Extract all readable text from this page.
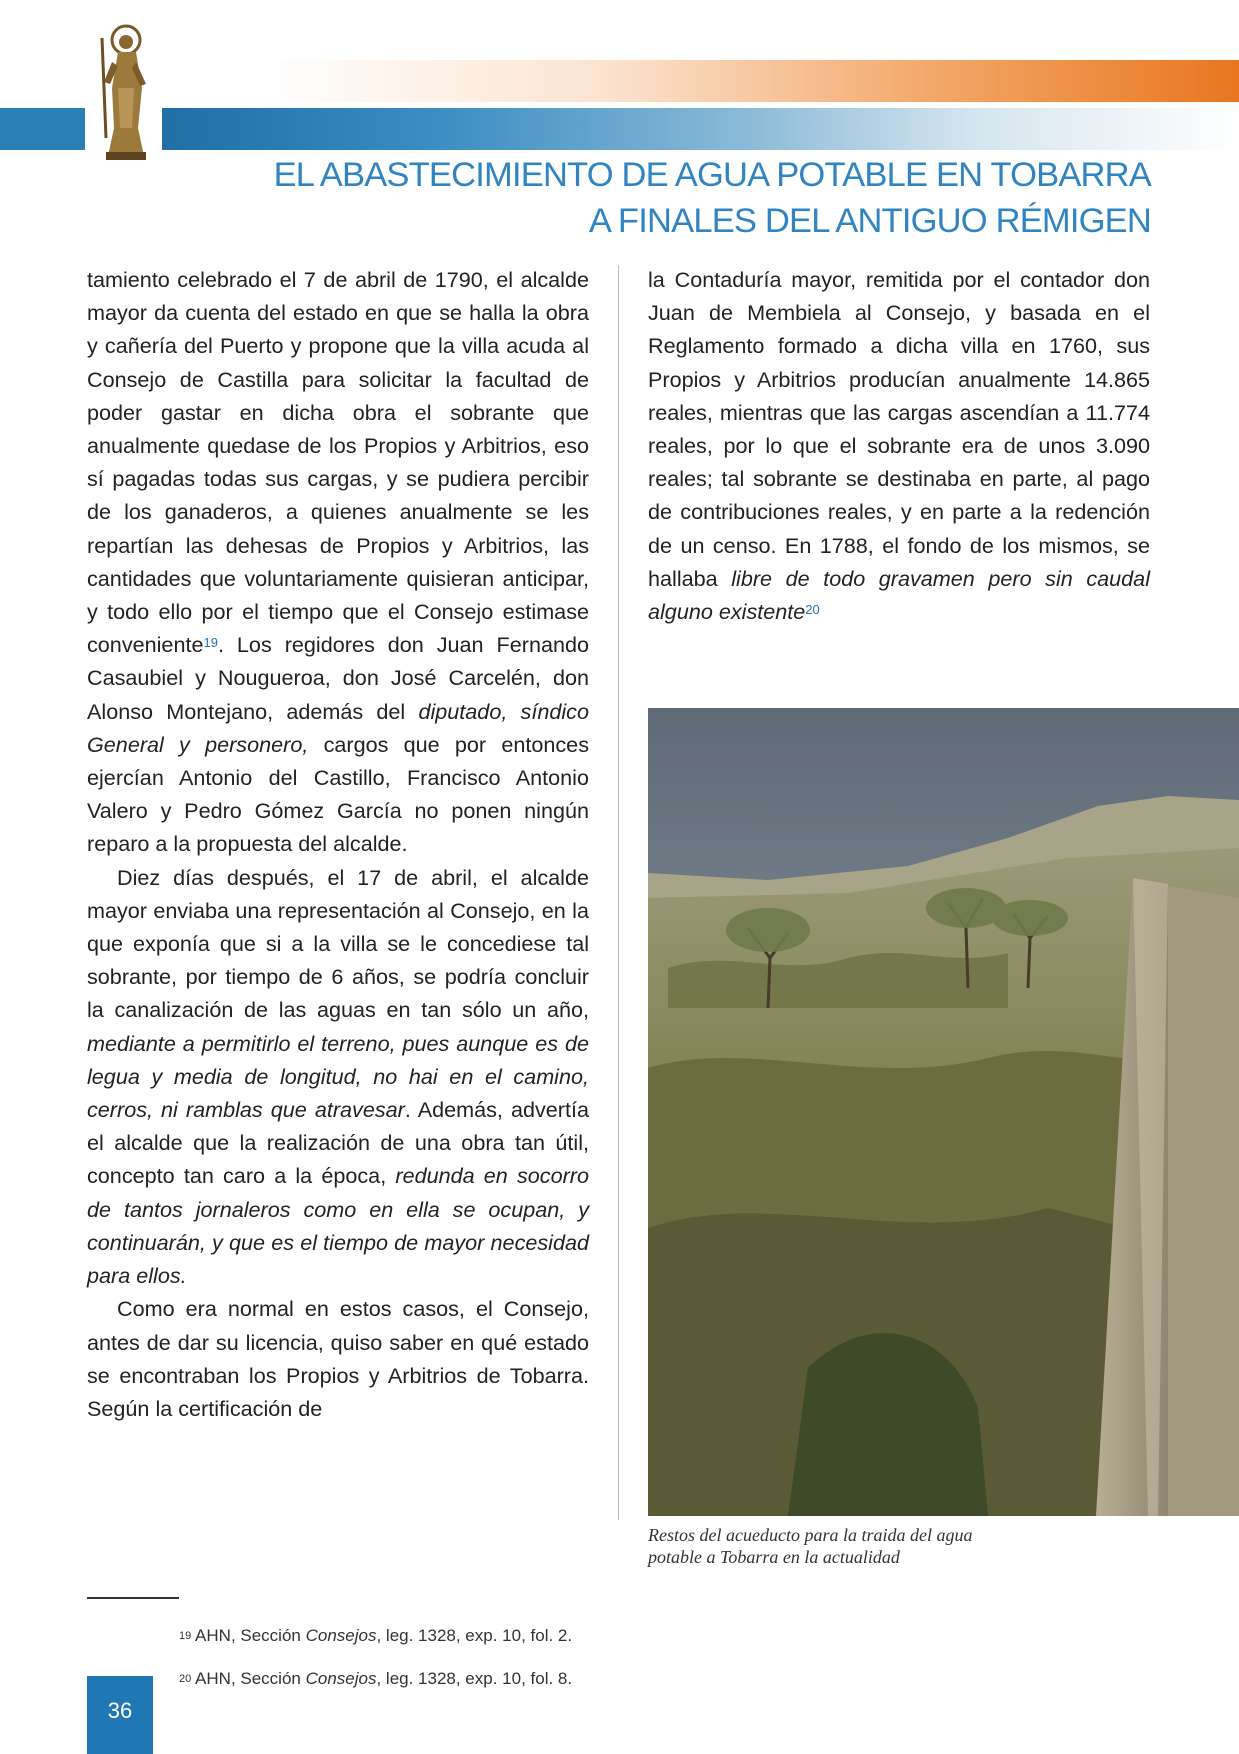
EL ABASTECIMIENTO DE AGUA POTABLE EN TOBARRA
A FINALES DEL ANTIGUO RÉMIGEN

tamiento celebrado el 7 de abril de 1790, el alcalde mayor da cuenta del estado en que se halla la obra y cañería del Puerto y propone que la villa acuda al Consejo de Castilla para solicitar la facultad de poder gastar en dicha obra el sobrante que anualmente quedase de los Propios y Arbitrios, eso sí pagadas todas sus cargas, y se pudiera percibir de los ganaderos, a quienes anualmente se les repartían las dehesas de Propios y Arbitrios, las cantidades que voluntariamente quisieran anticipar, y todo ello por el tiempo que el Consejo estimase conveniente$^{19}$. Los regidores don Juan Fernando Casaubiel y Nougueroa, don José Carcelén, don Alonso Montejano, además del diputado, síndico General y personero, cargos que por entonces ejercían Antonio del Castillo, Francisco Antonio Valero y Pedro Gómez García no ponen ningún reparo a la propuesta del alcalde.

Diez días después, el 17 de abril, el alcalde mayor enviaba una representación al Consejo, en la que exponía que si a la villa se le concediese tal sobrante, por tiempo de 6 años, se podría concluir la canalización de las aguas en tan sólo un año, mediante a permitirlo el terreno, pues aunque es de legua y media de longitud, no hai en el camino, cerros, ni ramblas que atravesar. Además, advertía el alcalde que la realización de una obra tan útil, concepto tan caro a la época, redunda en socorro de tantos jornaleros como en ella se ocupan, y continuarán, y que es el tiempo de mayor necesidad para ellos.

Como era normal en estos casos, el Consejo, antes de dar su licencia, quiso saber en qué estado se encontraban los Propios y Arbitrios de Tobarra. Según la certificación de

la Contaduría mayor, remitida por el contador don Juan de Membiela al Consejo, y basada en el Reglamento formado a dicha villa en 1760, sus Propios y Arbitrios producían anualmente 14.865 reales, mientras que las cargas ascendían a 11.774 reales, por lo que el sobrante era de unos 3.090 reales; tal sobrante se destinaba en parte, al pago de contribuciones reales, y en parte a la redención de un censo. En 1788, el fondo de los mismos, se hallaba libre de todo gravamen pero sin caudal alguno existente$^{20}$

Restos del acueducto para la traida del agua
potable a Tobarra en la actualidad
$^{19}$ AHN, Sección Consejos, leg. 1328, exp. 10, fol. 2.
$^{20}$ AHN, Sección Consejos, leg. 1328, exp. 10, fol. 8.
36
